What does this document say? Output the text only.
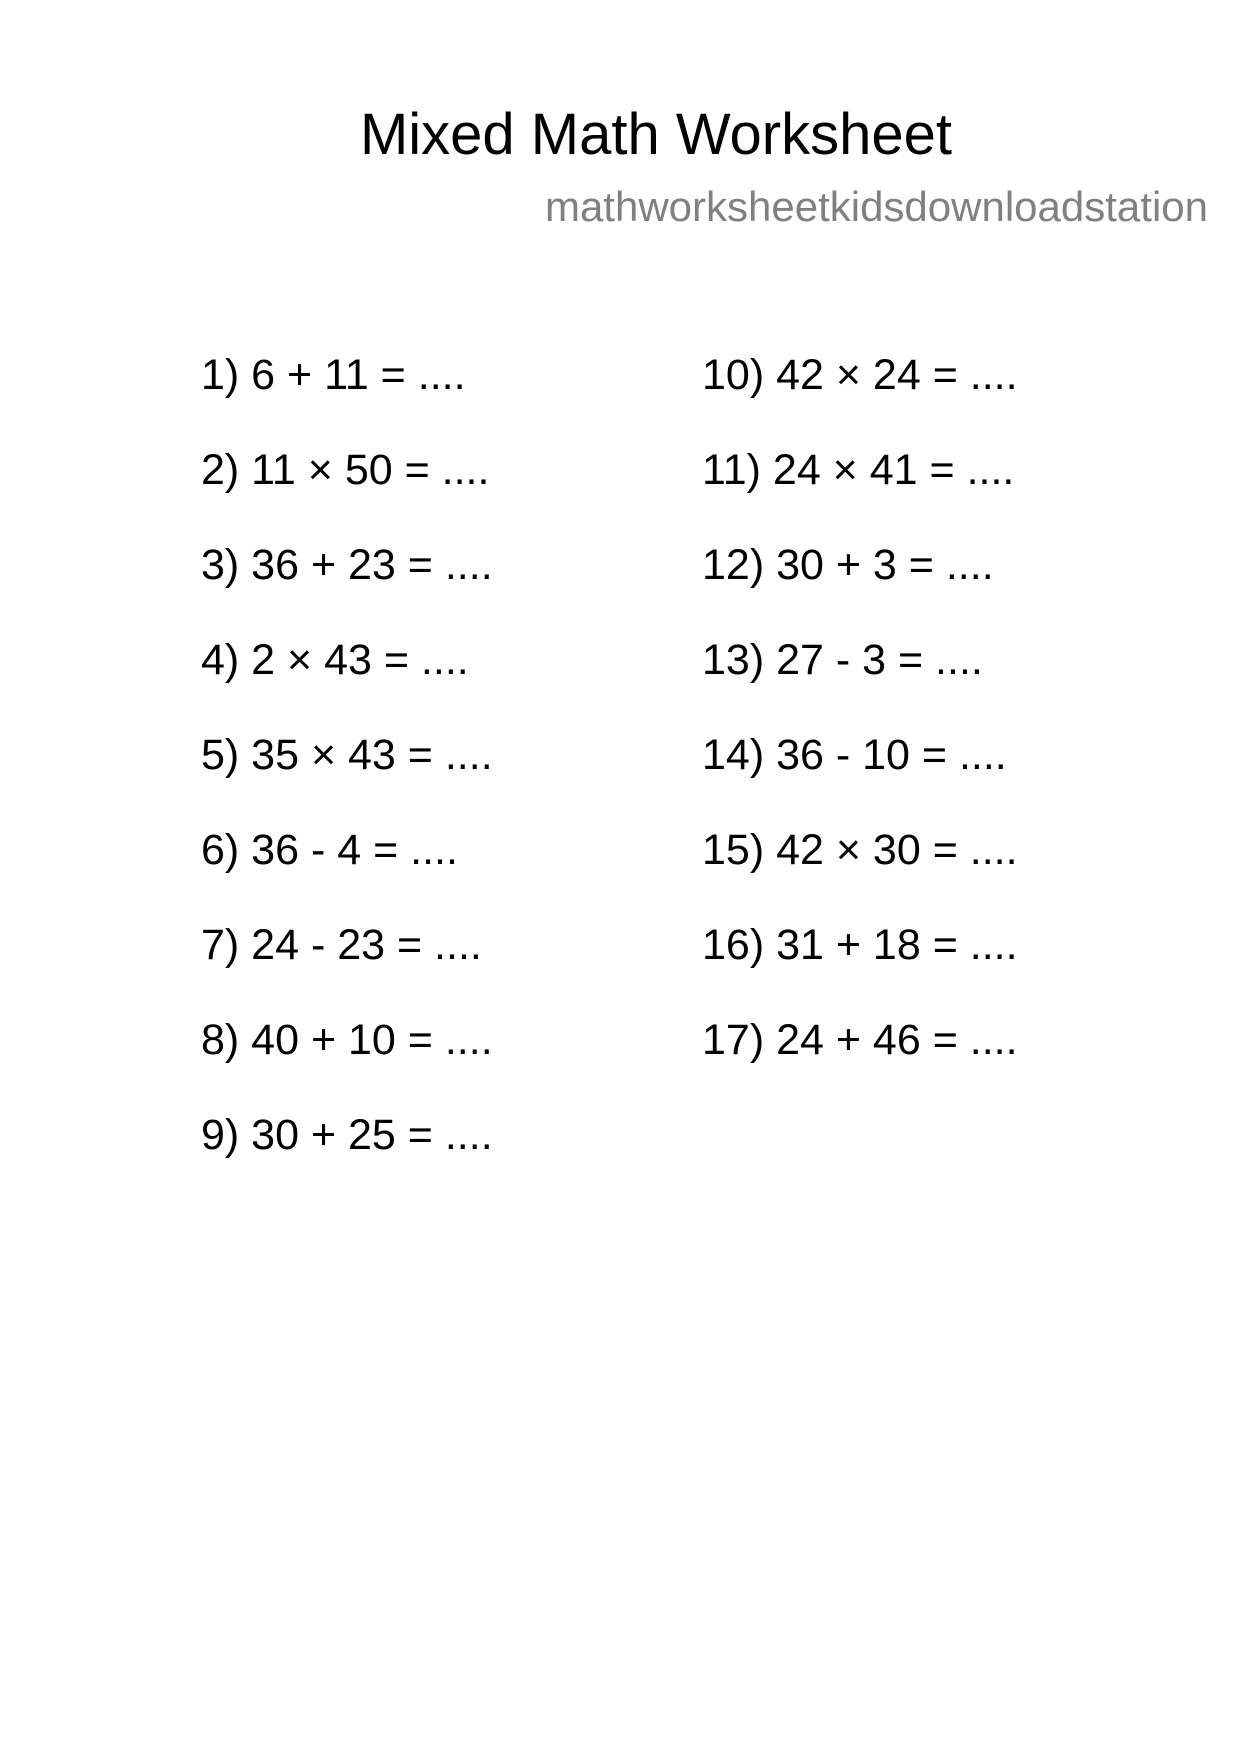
Mixed Math Worksheet
mathworksheetkidsdownloadstation
1) 6 + 11 = ....
2) 11 × 50 = ....
3) 36 + 23 = ....
4) 2 × 43 = ....
5) 35 × 43 = ....
6) 36 - 4 = ....
7) 24 - 23 = ....
8) 40 + 10 = ....
9) 30 + 25 = ....
10) 42 × 24 = ....
11) 24 × 41 = ....
12) 30 + 3 = ....
13) 27 - 3 = ....
14) 36 - 10 = ....
15) 42 × 30 = ....
16) 31 + 18 = ....
17) 24 + 46 = ....
